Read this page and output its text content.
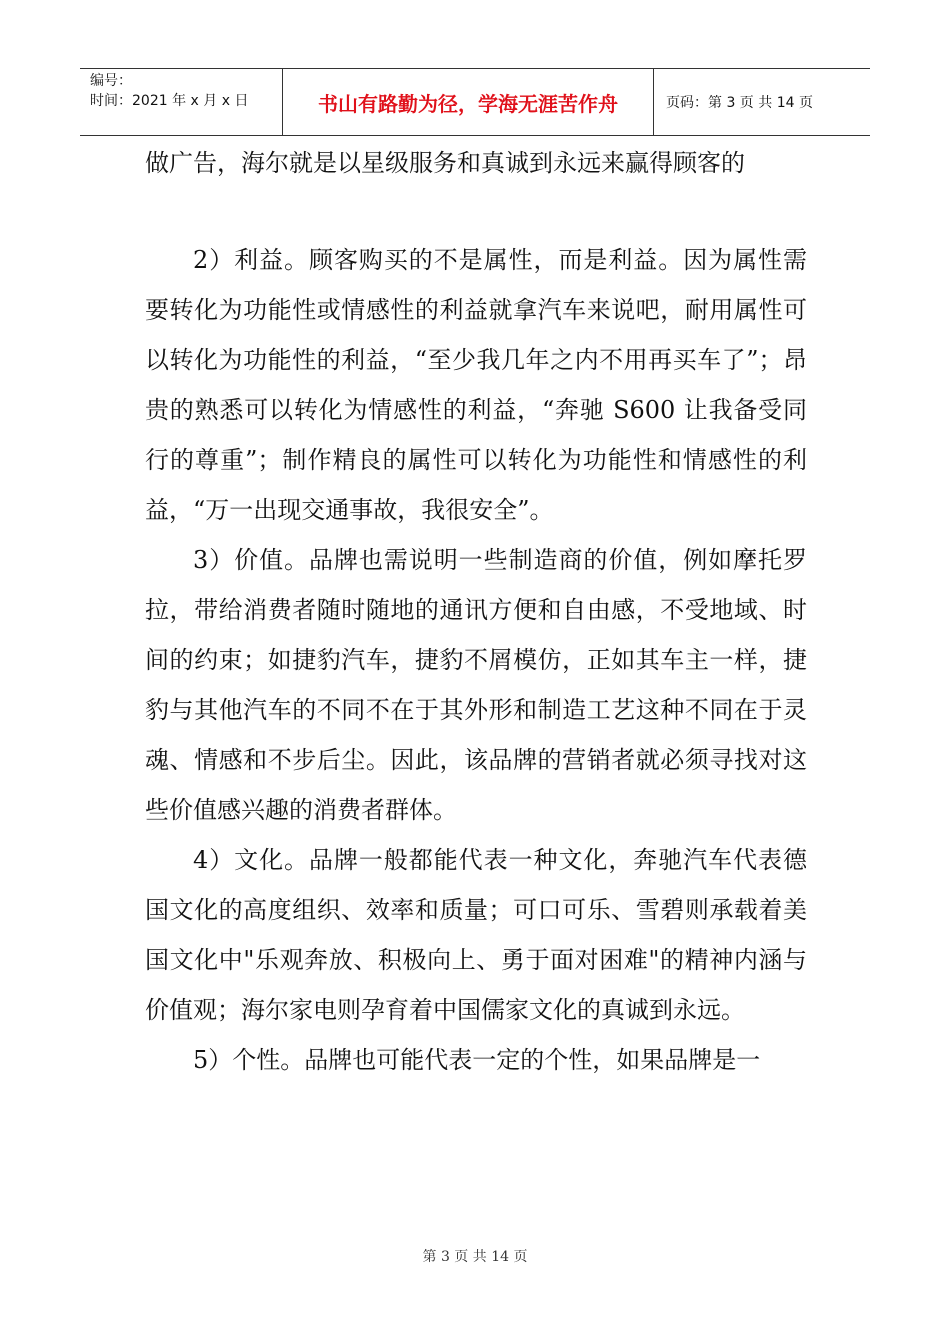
编号：
时间：2021 年 x 月 x 日	书山有路勤为径，学海无涯苦作舟	页码：第 3 页 共 14 页

做广告，海尔就是以星级服务和真诚到永远来赢得顾客的

2）利益。顾客购买的不是属性，而是利益。因为属性需要转化为功能性或情感性的利益就拿汽车来说吧，耐用属性可以转化为功能性的利益，“至少我几年之内不用再买车了”；昂贵的熟悉可以转化为情感性的利益，“奔驰 S600 让我备受同行的尊重”；制作精良的属性可以转化为功能性和情感性的利益，“万一出现交通事故，我很安全”。

3）价值。品牌也需说明一些制造商的价值，例如摩托罗拉，带给消费者随时随地的通讯方便和自由感，不受地域、时间的约束；如捷豹汽车，捷豹不屑模仿，正如其车主一样，捷豹与其他汽车的不同不在于其外形和制造工艺这种不同在于灵魂、情感和不步后尘。因此，该品牌的营销者就必须寻找对这些价值感兴趣的消费者群体。

4）文化。品牌一般都能代表一种文化，奔驰汽车代表德国文化的高度组织、效率和质量；可口可乐、雪碧则承载着美国文化中"乐观奔放、积极向上、勇于面对困难"的精神内涵与价值观；海尔家电则孕育着中国儒家文化的真诚到永远。

5）个性。品牌也可能代表一定的个性，如果品牌是一

第 3 页 共 14 页
